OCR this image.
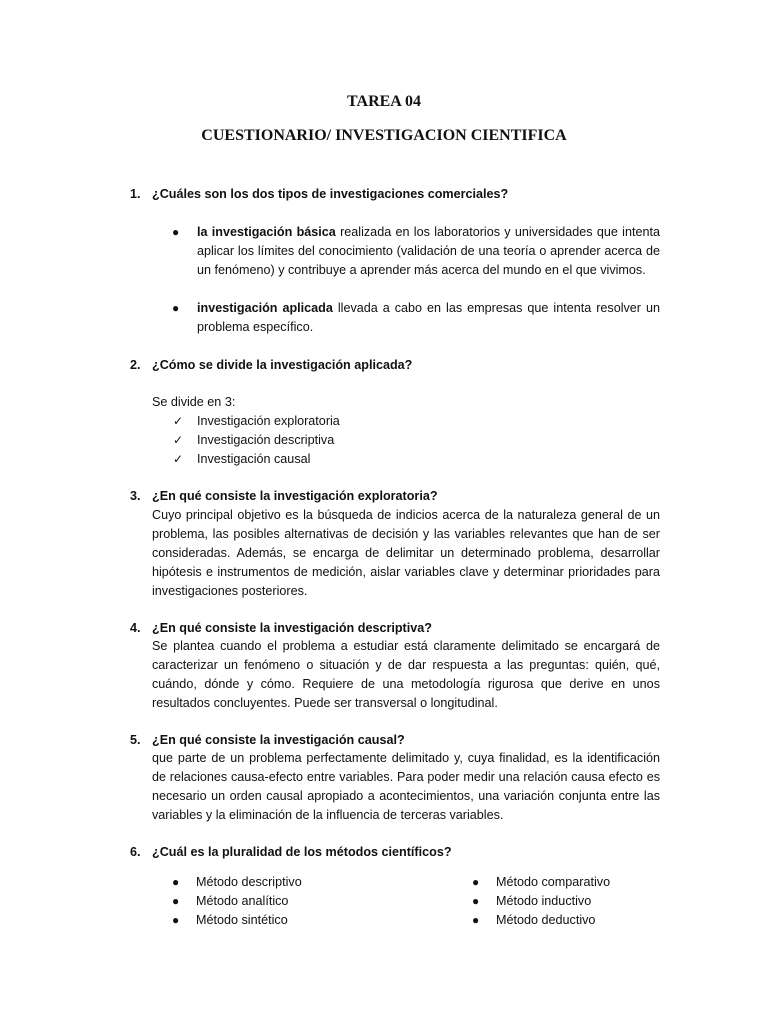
TAREA 04
CUESTIONARIO/ INVESTIGACION CIENTIFICA
1. ¿Cuáles son los dos tipos de investigaciones comerciales?
● la investigación básica realizada en los laboratorios y universidades que intenta aplicar los límites del conocimiento (validación de una teoría o aprender acerca de un fenómeno) y contribuye a aprender más acerca del mundo en el que vivimos.
● investigación aplicada llevada a cabo en las empresas que intenta resolver un problema específico.
2. ¿Cómo se divide la investigación aplicada?
Se divide en 3:
✓ Investigación exploratoria
✓ Investigación descriptiva
✓ Investigación causal
3. ¿En qué consiste la investigación exploratoria?
Cuyo principal objetivo es la búsqueda de indicios acerca de la naturaleza general de un problema, las posibles alternativas de decisión y las variables relevantes que han de ser consideradas. Además, se encarga de delimitar un determinado problema, desarrollar hipótesis e instrumentos de medición, aislar variables clave y determinar prioridades para investigaciones posteriores.
4. ¿En qué consiste la investigación descriptiva?
Se plantea cuando el problema a estudiar está claramente delimitado se encargará de caracterizar un fenómeno o situación y de dar respuesta a las preguntas: quién, qué, cuándo, dónde y cómo. Requiere de una metodología rigurosa que derive en unos resultados concluyentes. Puede ser transversal o longitudinal.
5. ¿En qué consiste la investigación causal?
que parte de un problema perfectamente delimitado y, cuya finalidad, es la identificación de relaciones causa-efecto entre variables. Para poder medir una relación causa efecto es necesario un orden causal apropiado a acontecimientos, una variación conjunta entre las variables y la eliminación de la influencia de terceras variables.
6. ¿Cuál es la pluralidad de los métodos científicos?
● Método descriptivo
● Método analítico
● Método sintético
● Método comparativo
● Método inductivo
● Método deductivo
